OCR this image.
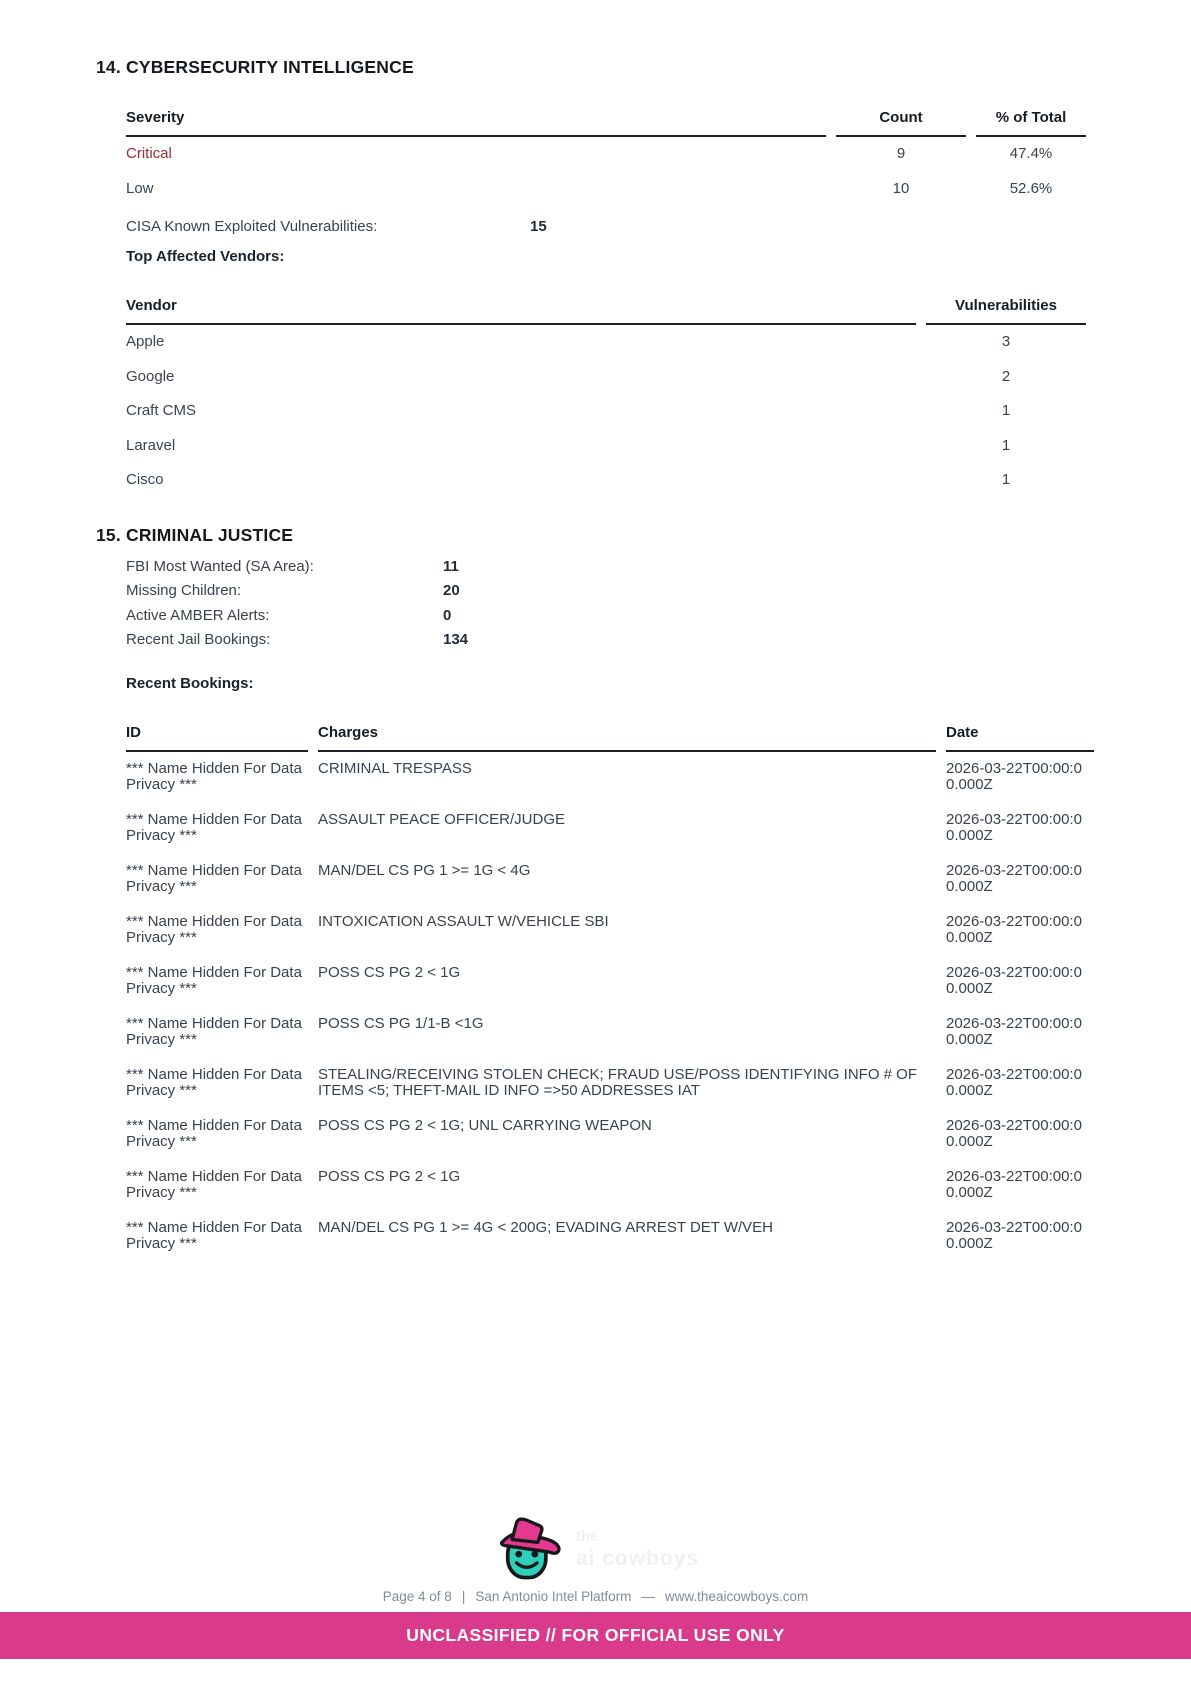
14. CYBERSECURITY INTELLIGENCE
Severity	Count	% of Total
Critical	9	47.4%
Low	10	52.6%
CISA Known Exploited Vulnerabilities:	15
Top Affected Vendors:
Vendor	Vulnerabilities
Apple	3
Google	2
Craft CMS	1
Laravel	1
Cisco	1
15. CRIMINAL JUSTICE
FBI Most Wanted (SA Area):	11
Missing Children:	20
Active AMBER Alerts:	0
Recent Jail Bookings:	134
Recent Bookings:
ID	Charges	Date
*** Name Hidden For Data Privacy ***	CRIMINAL TRESPASS	2026-03-22T00:00:00.000Z
*** Name Hidden For Data Privacy ***	ASSAULT PEACE OFFICER/JUDGE	2026-03-22T00:00:00.000Z
*** Name Hidden For Data Privacy ***	MAN/DEL CS PG 1 >= 1G < 4G	2026-03-22T00:00:00.000Z
*** Name Hidden For Data Privacy ***	INTOXICATION ASSAULT W/VEHICLE SBI	2026-03-22T00:00:00.000Z
*** Name Hidden For Data Privacy ***	POSS CS PG 2 < 1G	2026-03-22T00:00:00.000Z
*** Name Hidden For Data Privacy ***	POSS CS PG 1/1-B <1G	2026-03-22T00:00:00.000Z
*** Name Hidden For Data Privacy ***	STEALING/RECEIVING STOLEN CHECK; FRAUD USE/POSS IDENTIFYING INFO # OF ITEMS <5; THEFT-MAIL ID INFO =>50 ADDRESSES IAT	2026-03-22T00:00:00.000Z
*** Name Hidden For Data Privacy ***	POSS CS PG 2 < 1G; UNL CARRYING WEAPON	2026-03-22T00:00:00.000Z
*** Name Hidden For Data Privacy ***	POSS CS PG 2 < 1G	2026-03-22T00:00:00.000Z
*** Name Hidden For Data Privacy ***	MAN/DEL CS PG 1 >= 4G < 200G; EVADING ARREST DET W/VEH	2026-03-22T00:00:00.000Z
the
ai cowboys
Page 4 of 8 | San Antonio Intel Platform — www.theaicowboys.com
UNCLASSIFIED // FOR OFFICIAL USE ONLY
